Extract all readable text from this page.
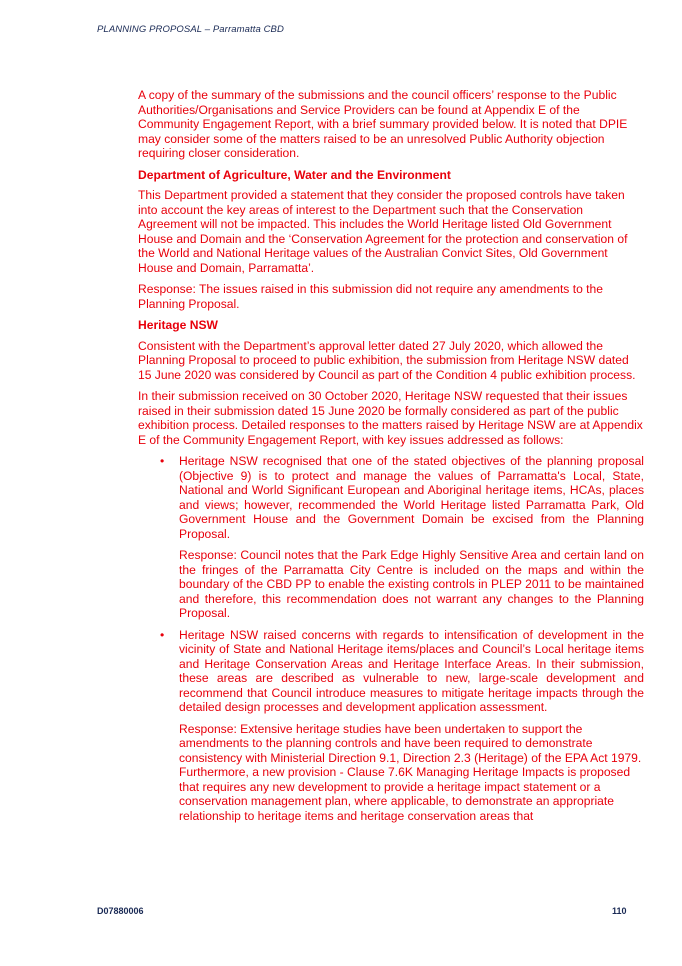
PLANNING PROPOSAL – Parramatta CBD

A copy of the summary of the submissions and the council officers’ response to the Public Authorities/Organisations and Service Providers can be found at Appendix E of the Community Engagement Report, with a brief summary provided below. It is noted that DPIE may consider some of the matters raised to be an unresolved Public Authority objection requiring closer consideration.

Department of Agriculture, Water and the Environment

This Department provided a statement that they consider the proposed controls have taken into account the key areas of interest to the Department such that the Conservation Agreement will not be impacted. This includes the World Heritage listed Old Government House and Domain and the ‘Conservation Agreement for the protection and conservation of the World and National Heritage values of the Australian Convict Sites, Old Government House and Domain, Parramatta’.

Response: The issues raised in this submission did not require any amendments to the Planning Proposal.

Heritage NSW

Consistent with the Department’s approval letter dated 27 July 2020, which allowed the Planning Proposal to proceed to public exhibition, the submission from Heritage NSW dated 15 June 2020 was considered by Council as part of the Condition 4 public exhibition process.

In their submission received on 30 October 2020, Heritage NSW requested that their issues raised in their submission dated 15 June 2020 be formally considered as part of the public exhibition process. Detailed responses to the matters raised by Heritage NSW are at Appendix E of the Community Engagement Report, with key issues addressed as follows:

• Heritage NSW recognised that one of the stated objectives of the planning proposal (Objective 9) is to protect and manage the values of Parramatta's Local, State, National and World Significant European and Aboriginal heritage items, HCAs, places and views; however, recommended the World Heritage listed Parramatta Park, Old Government House and the Government Domain be excised from the Planning Proposal.

Response: Council notes that the Park Edge Highly Sensitive Area and certain land on the fringes of the Parramatta City Centre is included on the maps and within the boundary of the CBD PP to enable the existing controls in PLEP 2011 to be maintained and therefore, this recommendation does not warrant any changes to the Planning Proposal.

• Heritage NSW raised concerns with regards to intensification of development in the vicinity of State and National Heritage items/places and Council’s Local heritage items and Heritage Conservation Areas and Heritage Interface Areas. In their submission, these areas are described as vulnerable to new, large-scale development and recommend that Council introduce measures to mitigate heritage impacts through the detailed design processes and development application assessment.

Response: Extensive heritage studies have been undertaken to support the amendments to the planning controls and have been required to demonstrate consistency with Ministerial Direction 9.1, Direction 2.3 (Heritage) of the EPA Act 1979. Furthermore, a new provision - Clause 7.6K Managing Heritage Impacts is proposed that requires any new development to provide a heritage impact statement or a conservation management plan, where applicable, to demonstrate an appropriate relationship to heritage items and heritage conservation areas that

D07880006	110
